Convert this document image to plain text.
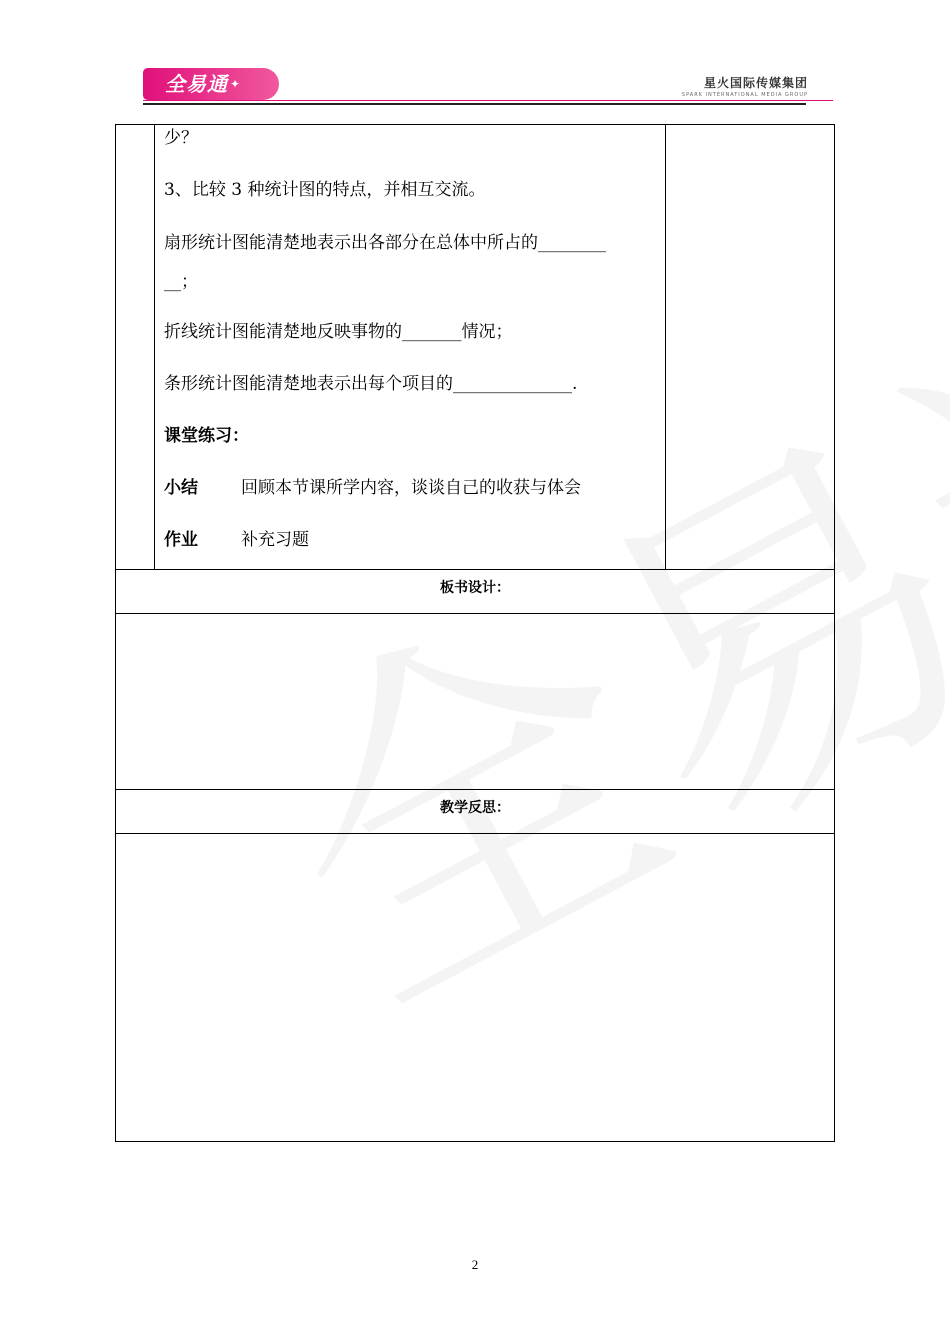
全易通 ✦	星火国际传媒集团
SPARK INTERNATIONAL MEDIA GROUP
少？
3、比较 3 种统计图的特点，并相互交流。
扇形统计图能清楚地表示出各部分在总体中所占的________
__；
折线统计图能清楚地反映事物的_______情况；
条形统计图能清楚地表示出每个项目的______________.
课堂练习：
小结	回顾本节课所学内容，谈谈自己的收获与体会
作业	补充习题
板书设计：
教学反思：
2
